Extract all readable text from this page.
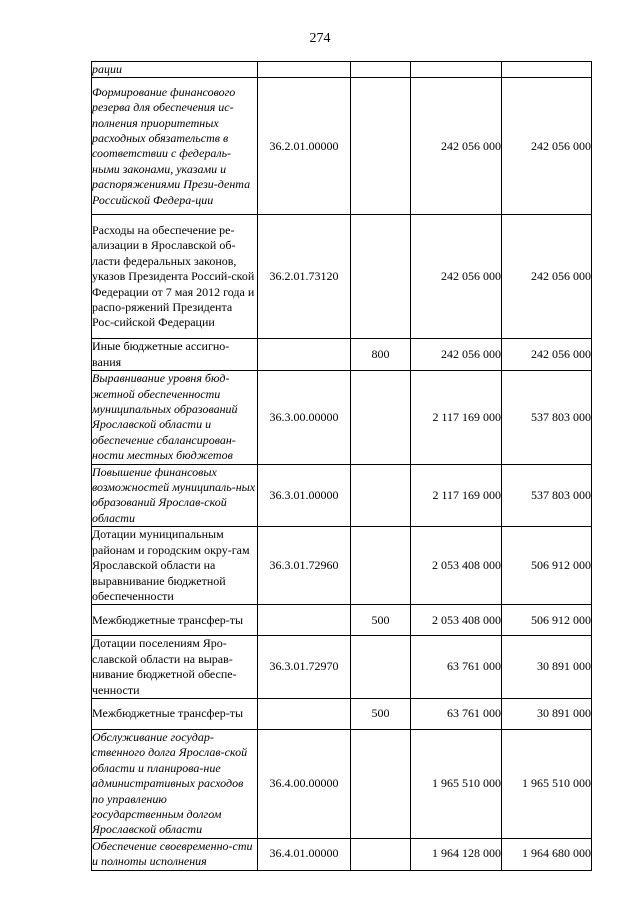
274
рации				
Формирование финансового резерва для обеспечения ис-полнения приоритетных расходных обязательств в соответствии с федераль-ными законами, указами и распоряжениями Прези-дента Российской Федера-ции	36.2.01.00000		242 056 000	242 056 000
Расходы на обеспечение ре-ализации в Ярославской об-ласти федеральных законов, указов Президента Россий-ской Федерации от 7 мая 2012 года и распо-ряжений Президента Рос-сийской Федерации	36.2.01.73120		242 056 000	242 056 000
Иные бюджетные ассигно-вания		800	242 056 000	242 056 000
Выравнивание уровня бюд-жетной обеспеченности муниципальных образований Ярославской области и обеспечение сбалансирован-ности местных бюджетов	36.3.00.00000		2 117 169 000	537 803 000
Повышение финансовых возможностей муниципаль-ных образований Ярослав-ской области	36.3.01.00000		2 117 169 000	537 803 000
Дотации муниципальным районам и городским окру-гам Ярославской области на выравнивание бюджетной обеспеченности	36.3.01.72960		2 053 408 000	506 912 000
Межбюджетные трансфер-ты		500	2 053 408 000	506 912 000
Дотации поселениям Яро-славской области на вырав-нивание бюджетной обеспе-ченности	36.3.01.72970		63 761 000	30 891 000
Межбюджетные трансфер-ты		500	63 761 000	30 891 000
Обслуживание государ-ственного долга Ярослав-ской области и планирова-ние административных расходов по управлению государственным долгом Ярославской области	36.4.00.00000		1 965 510 000	1 965 510 000
Обеспечение своевременно-сти и полноты исполнения	36.4.01.00000		1 964 128 000	1 964 680 000
